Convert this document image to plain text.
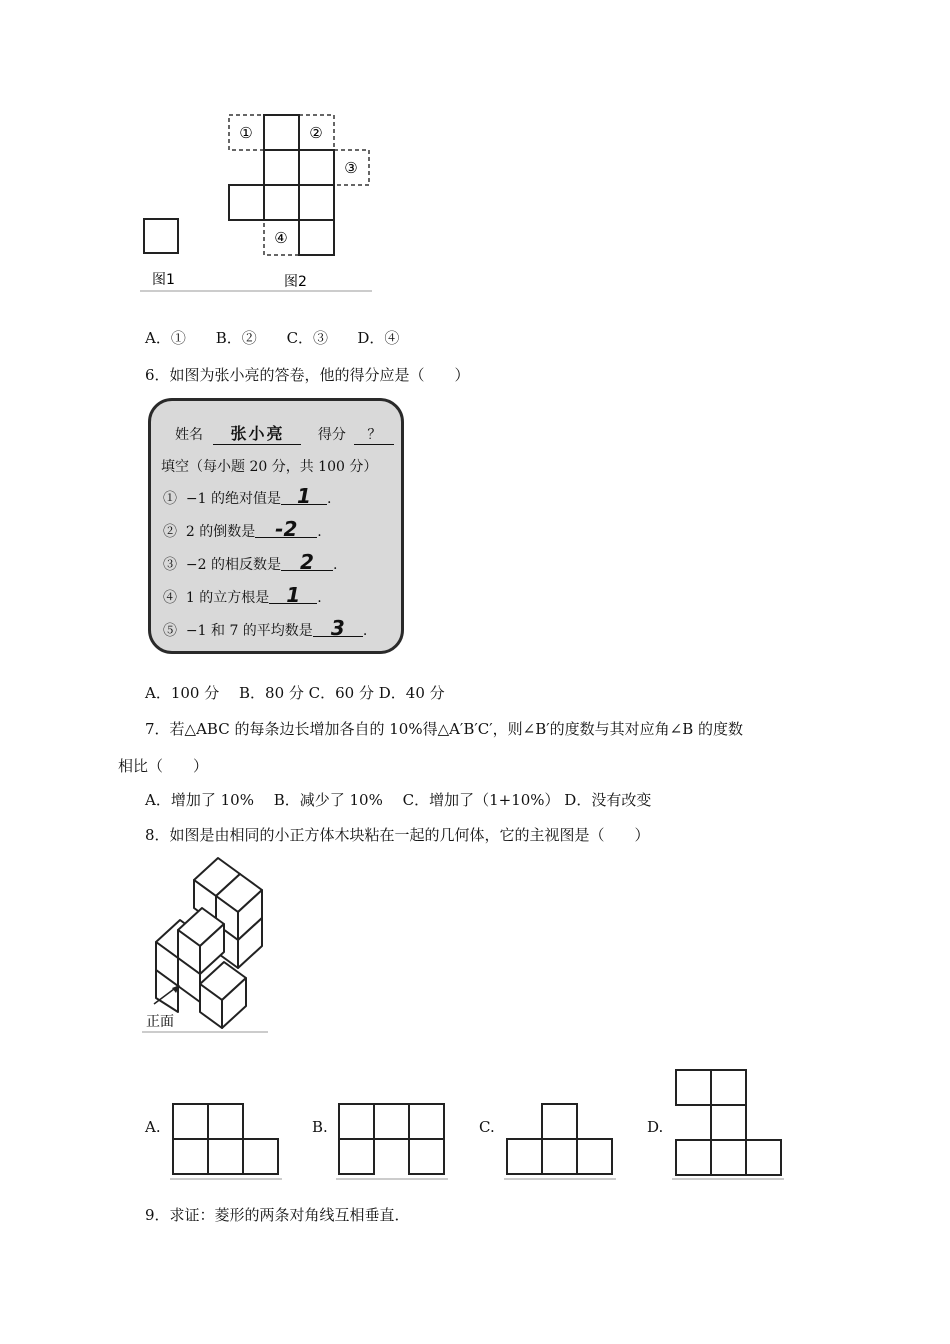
①	②
③
④
图1	图2
A．① B．② C．③ D．④
6．如图为张小亮的答卷，他的得分应是（　　）
姓名 张小亮 得分 ？
填空（每小题 20 分，共 100 分）
① −1 的绝对值是 1 .
② 2 的倒数是 -2 .
③ −2 的相反数是 2 .
④ 1 的立方根是 1 .
⑤ −1 和 7 的平均数是 3 .
A．100 分　 B．80 分 C．60 分 D．40 分
7．若△ABC 的每条边长增加各自的 10%得△A′B′C′，则∠B′的度数与其对应角∠B 的度数
相比（　　）
A．增加了 10%　 B．减少了 10%　 C．增加了（1+10%） D．没有改变
8．如图是由相同的小正方体木块粘在一起的几何体，它的主视图是（　　）
正面
A.	B.	C.	D.
9．求证：菱形的两条对角线互相垂直．
